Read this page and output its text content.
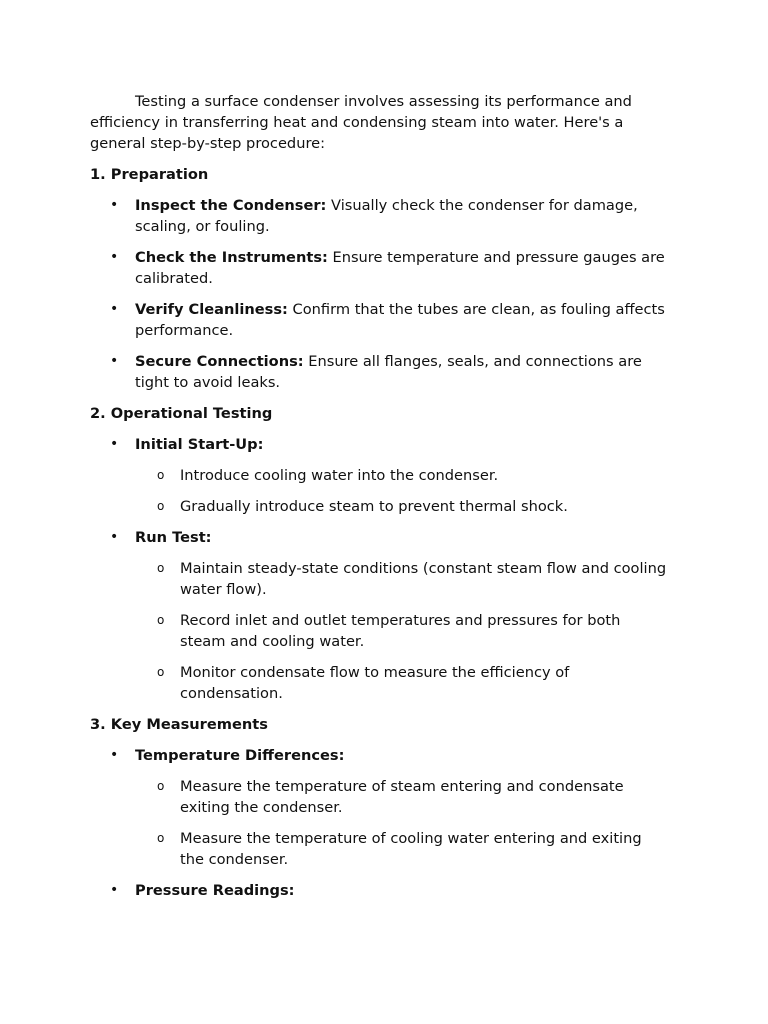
Testing a surface condenser involves assessing its performance and efficiency in transferring heat and condensing steam into water. Here's a general step-by-step procedure:

1. Preparation
• Inspect the Condenser: Visually check the condenser for damage, scaling, or fouling.
• Check the Instruments: Ensure temperature and pressure gauges are calibrated.
• Verify Cleanliness: Confirm that the tubes are clean, as fouling affects performance.
• Secure Connections: Ensure all flanges, seals, and connections are tight to avoid leaks.
2. Operational Testing
• Initial Start-Up:
o Introduce cooling water into the condenser.
o Gradually introduce steam to prevent thermal shock.
• Run Test:
o Maintain steady-state conditions (constant steam flow and cooling water flow).
o Record inlet and outlet temperatures and pressures for both steam and cooling water.
o Monitor condensate flow to measure the efficiency of condensation.
3. Key Measurements
• Temperature Differences:
o Measure the temperature of steam entering and condensate exiting the condenser.
o Measure the temperature of cooling water entering and exiting the condenser.
• Pressure Readings:
